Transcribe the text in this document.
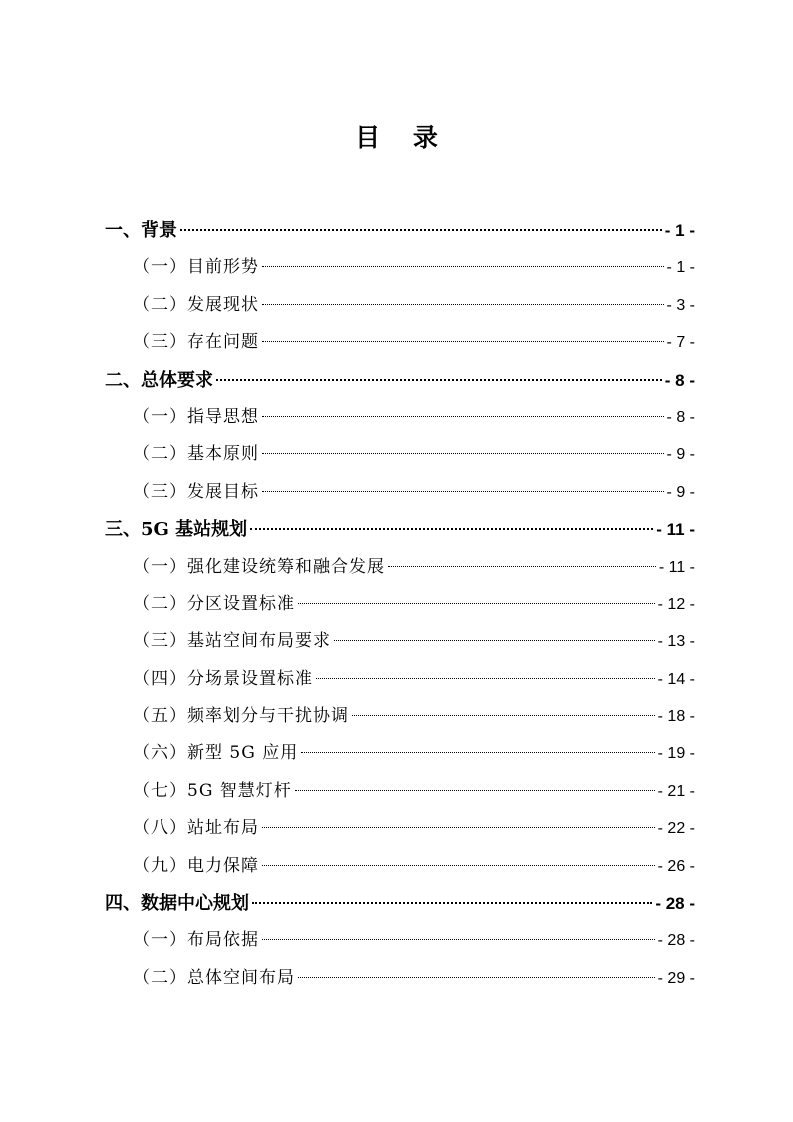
目 录
一、背景	- 1 -
（一）目前形势	- 1 -
（二）发展现状	- 3 -
（三）存在问题	- 7 -
二、总体要求	- 8 -
（一）指导思想	- 8 -
（二）基本原则	- 9 -
（三）发展目标	- 9 -
三、5G 基站规划	- 11 -
（一）强化建设统筹和融合发展	- 11 -
（二）分区设置标准	- 12 -
（三）基站空间布局要求	- 13 -
（四）分场景设置标准	- 14 -
（五）频率划分与干扰协调	- 18 -
（六）新型 5G 应用	- 19 -
（七）5G 智慧灯杆	- 21 -
（八）站址布局	- 22 -
（九）电力保障	- 26 -
四、数据中心规划	- 28 -
（一）布局依据	- 28 -
（二）总体空间布局	- 29 -
